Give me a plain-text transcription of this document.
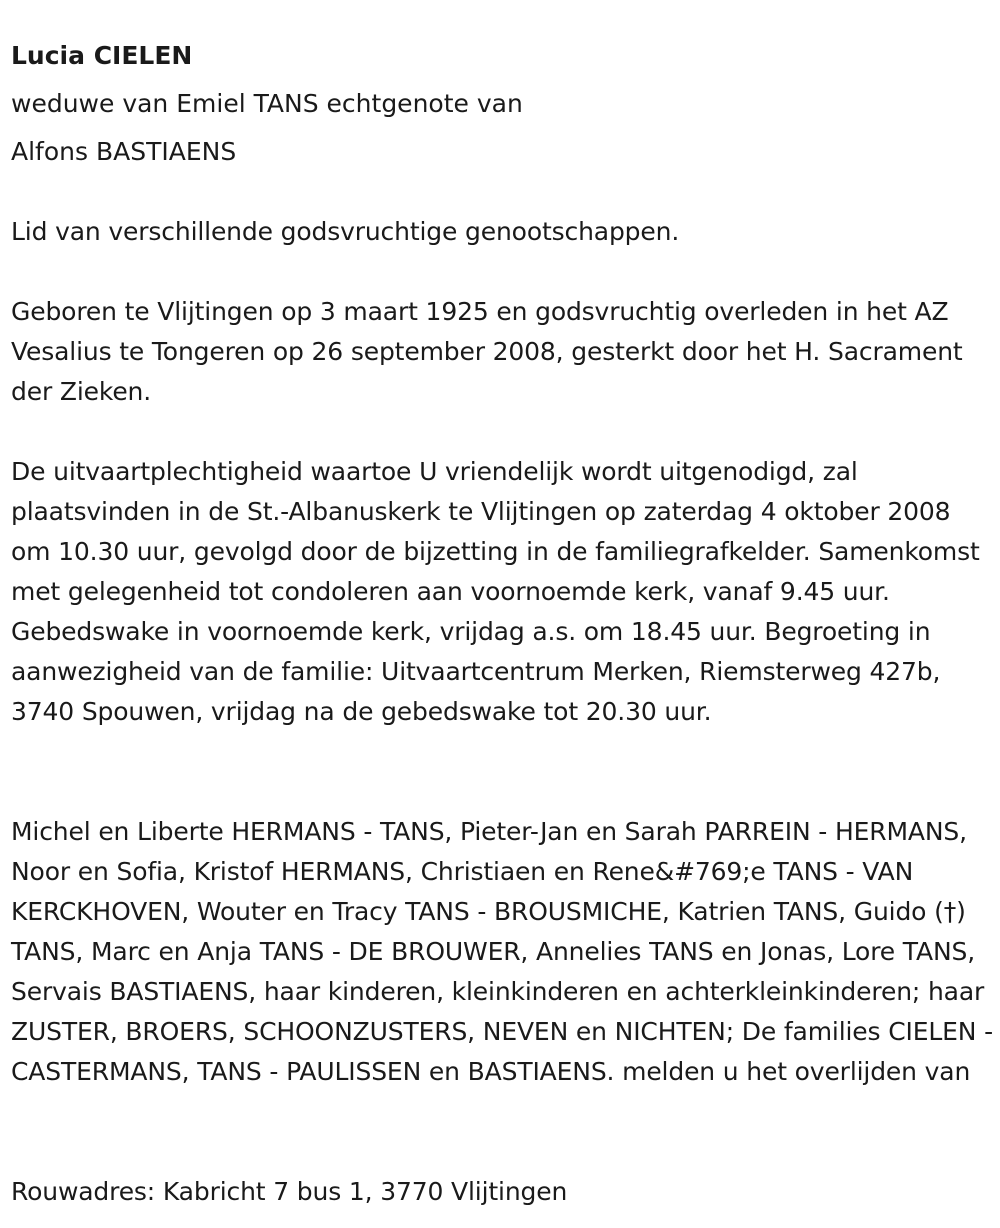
Lucia CIELEN
weduwe van Emiel TANS echtgenote van
Alfons BASTIAENS
Lid van verschillende godsvruchtige genootschappen.
Geboren te Vlijtingen op 3 maart 1925 en godsvruchtig overleden in het AZ Vesalius te Tongeren op 26 september 2008, gesterkt door het H. Sacrament der Zieken.
De uitvaartplechtigheid waartoe U vriendelijk wordt uitgenodigd, zal plaatsvinden in de St.-Albanuskerk te Vlijtingen op zaterdag 4 oktober 2008 om 10.30 uur, gevolgd door de bijzetting in de familiegrafkelder. Samenkomst met gelegenheid tot condoleren aan voornoemde kerk, vanaf 9.45 uur. Gebedswake in voornoemde kerk, vrijdag a.s. om 18.45 uur. Begroeting in aanwezigheid van de familie: Uitvaartcentrum Merken, Riemsterweg 427b, 3740 Spouwen, vrijdag na de gebedswake tot 20.30 uur.
Michel en Liberte HERMANS - TANS, Pieter-Jan en Sarah PARREIN - HERMANS, Noor en Sofia, Kristof HERMANS, Christiaen en Rene&#769;e TANS - VAN KERCKHOVEN, Wouter en Tracy TANS - BROUSMICHE, Katrien TANS, Guido (†) TANS, Marc en Anja TANS - DE BROUWER, Annelies TANS en Jonas, Lore TANS, Servais BASTIAENS, haar kinderen, kleinkinderen en achterkleinkinderen; haar ZUSTER, BROERS, SCHOONZUSTERS, NEVEN en NICHTEN; De families CIELEN - CASTERMANS, TANS - PAULISSEN en BASTIAENS. melden u het overlijden van
Rouwadres: Kabricht 7 bus 1, 3770 Vlijtingen
